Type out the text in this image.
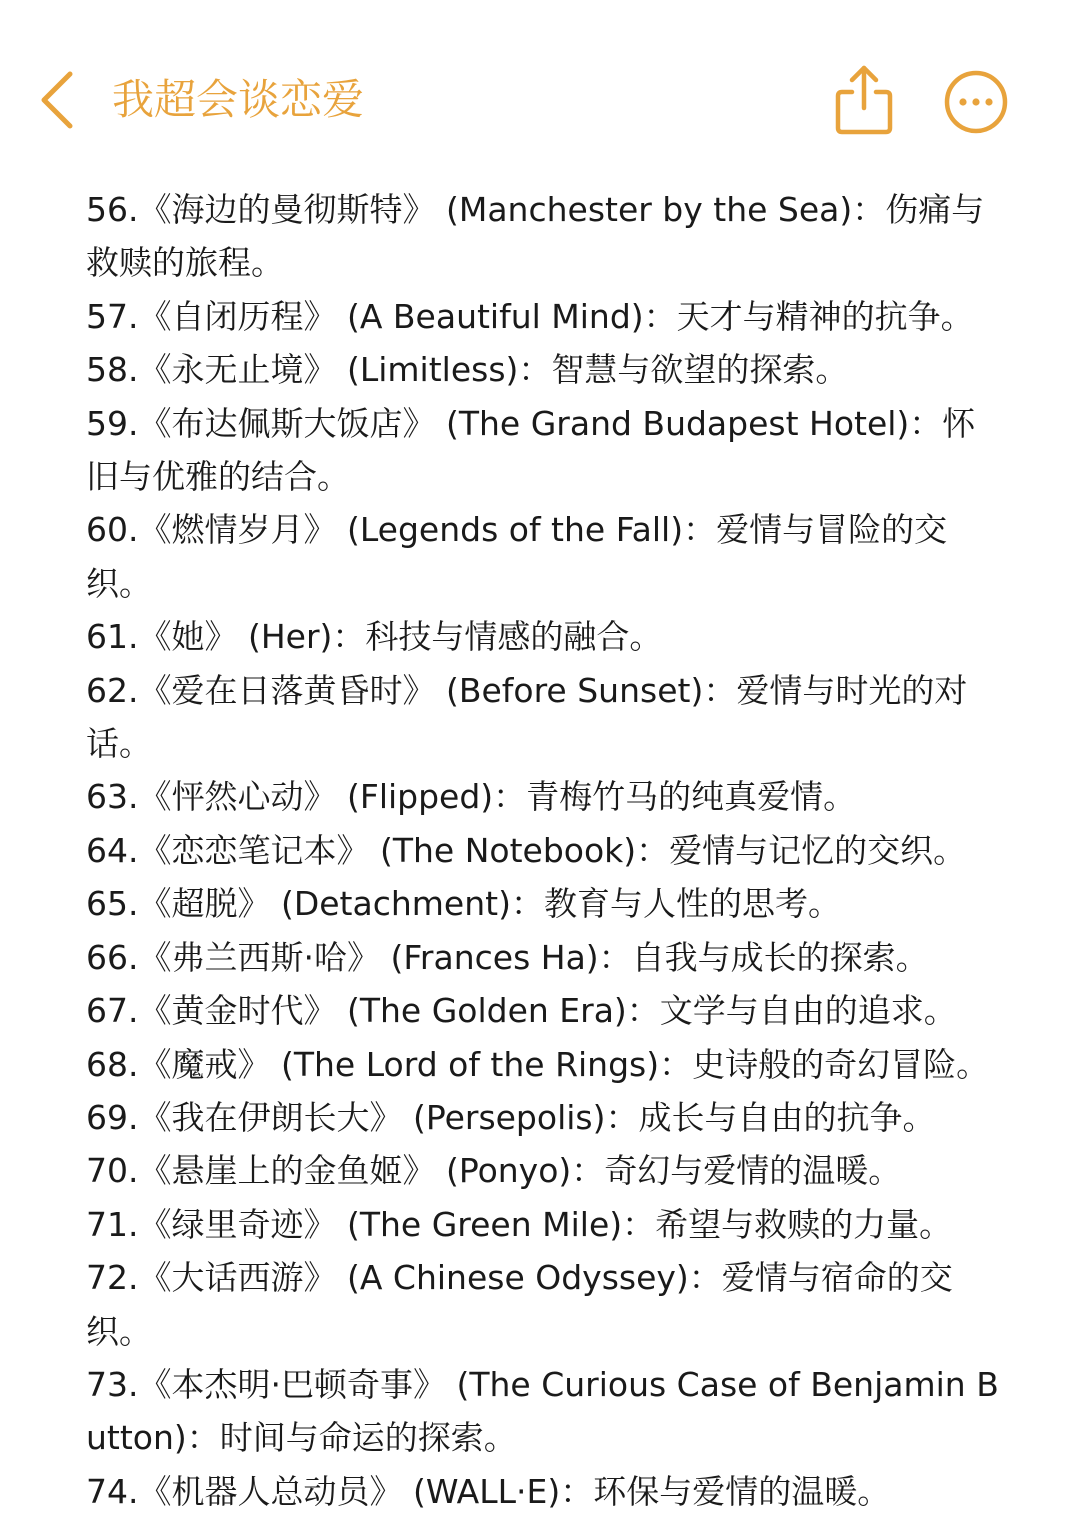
我超会谈恋爱

56.《海边的曼彻斯特》 (Manchester by the Sea)：伤痛与救赎的旅程。

57.《自闭历程》 (A Beautiful Mind)：天才与精神的抗争。

58.《永无止境》 (Limitless)：智慧与欲望的探索。

59.《布达佩斯大饭店》 (The Grand Budapest Hotel)：怀旧与优雅的结合。

60.《燃情岁月》 (Legends of the Fall)：爱情与冒险的交织。

61.《她》 (Her)：科技与情感的融合。

62.《爱在日落黄昏时》 (Before Sunset)：爱情与时光的对话。

63.《怦然心动》 (Flipped)：青梅竹马的纯真爱情。

64.《恋恋笔记本》 (The Notebook)：爱情与记忆的交织。

65.《超脱》 (Detachment)：教育与人性的思考。

66.《弗兰西斯·哈》 (Frances Ha)：自我与成长的探索。

67.《黄金时代》 (The Golden Era)：文学与自由的追求。

68.《魔戒》 (The Lord of the Rings)：史诗般的奇幻冒险。

69.《我在伊朗长大》 (Persepolis)：成长与自由的抗争。

70.《悬崖上的金鱼姬》 (Ponyo)：奇幻与爱情的温暖。

71.《绿里奇迹》 (The Green Mile)：希望与救赎的力量。

72.《大话西游》 (A Chinese Odyssey)：爱情与宿命的交织。

73.《本杰明·巴顿奇事》 (The Curious Case of Benjamin Button)：时间与命运的探索。

74.《机器人总动员》 (WALL·E)：环保与爱情的温暖。
